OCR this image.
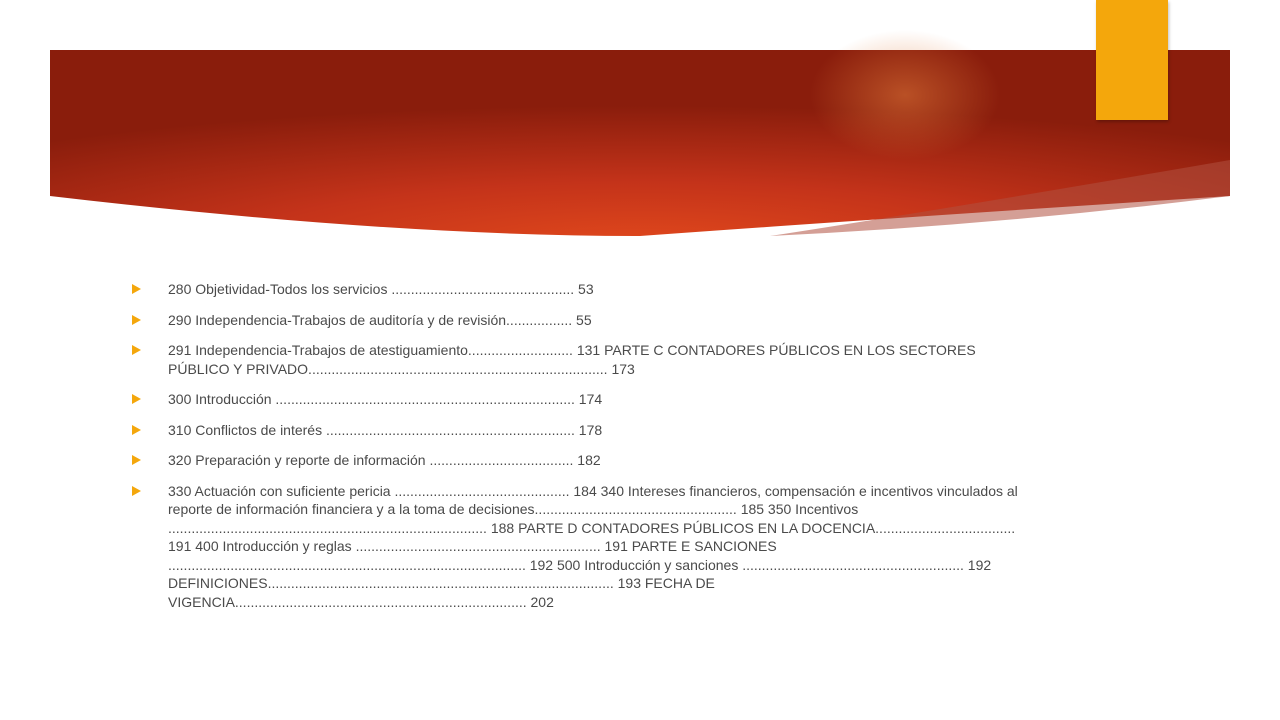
280 Objetividad-Todos los servicios ............................................... 53
290 Independencia-Trabajos de auditoría y de revisión................. 55
291 Independencia-Trabajos de atestiguamiento........................... 131 PARTE C CONTADORES PÚBLICOS EN LOS SECTORES PÚBLICO Y PRIVADO............................................................................. 173
300 Introducción ............................................................................. 174
310 Conflictos de interés ................................................................ 178
320 Preparación y reporte de información ..................................... 182
330 Actuación con suficiente pericia ............................................. 184 340 Intereses financieros, compensación e incentivos vinculados al reporte de información financiera y a la toma de decisiones.................................................... 185 350 Incentivos .................................................................................. 188 PARTE D CONTADORES PÚBLICOS EN LA DOCENCIA.................................... 191 400 Introducción y reglas ............................................................... 191 PARTE E SANCIONES ............................................................................................ 192 500 Introducción y sanciones ......................................................... 192 DEFINICIONES......................................................................................... 193 FECHA DE VIGENCIA........................................................................... 202
